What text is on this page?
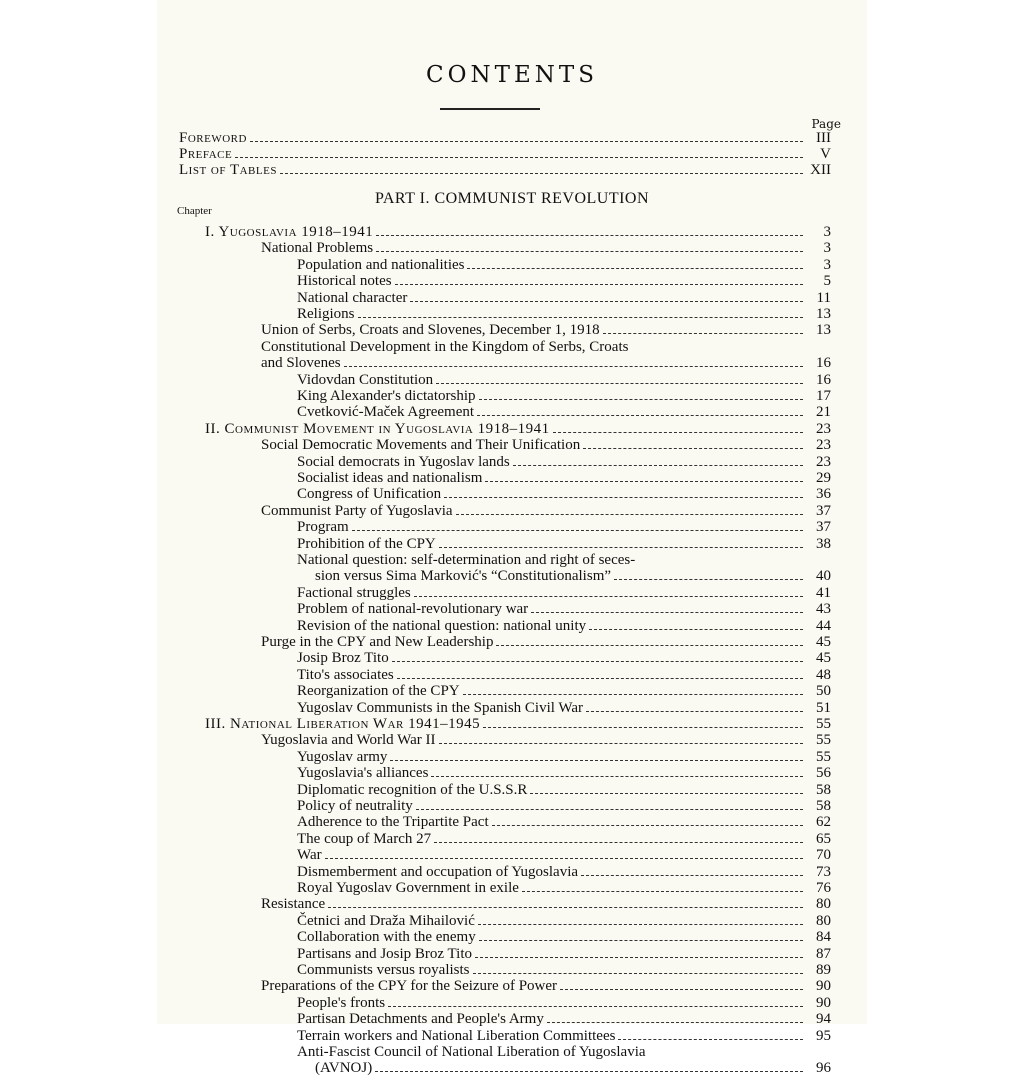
CONTENTS
Page
PART I. COMMUNIST REVOLUTION
Chapter
Foreword	III
Preface	V
List of Tables	XII
I. Yugoslavia 1918–1941	3
National Problems	3
Population and nationalities	3
Historical notes	5
National character	11
Religions	13
Union of Serbs, Croats and Slovenes, December 1, 1918	13
Constitutional Development in the Kingdom of Serbs, Croats
and Slovenes	16
Vidovdan Constitution	16
King Alexander's dictatorship	17
Cvetković-Maček Agreement	21
II. Communist Movement in Yugoslavia 1918–1941	23
Social Democratic Movements and Their Unification	23
Social democrats in Yugoslav lands	23
Socialist ideas and nationalism	29
Congress of Unification	36
Communist Party of Yugoslavia	37
Program	37
Prohibition of the CPY	38
National question: self-determination and right of seces-
sion versus Sima Marković's “Constitutionalism”	40
Factional struggles	41
Problem of national-revolutionary war	43
Revision of the national question: national unity	44
Purge in the CPY and New Leadership	45
Josip Broz Tito	45
Tito's associates	48
Reorganization of the CPY	50
Yugoslav Communists in the Spanish Civil War	51
III. National Liberation War 1941–1945	55
Yugoslavia and World War II	55
Yugoslav army	55
Yugoslavia's alliances	56
Diplomatic recognition of the U.S.S.R	58
Policy of neutrality	58
Adherence to the Tripartite Pact	62
The coup of March 27	65
War	70
Dismemberment and occupation of Yugoslavia	73
Royal Yugoslav Government in exile	76
Resistance	80
Četnici and Draža Mihailović	80
Collaboration with the enemy	84
Partisans and Josip Broz Tito	87
Communists versus royalists	89
Preparations of the CPY for the Seizure of Power	90
People's fronts	90
Partisan Detachments and People's Army	94
Terrain workers and National Liberation Committees	95
Anti-Fascist Council of National Liberation of Yugoslavia
(AVNOJ)	96
